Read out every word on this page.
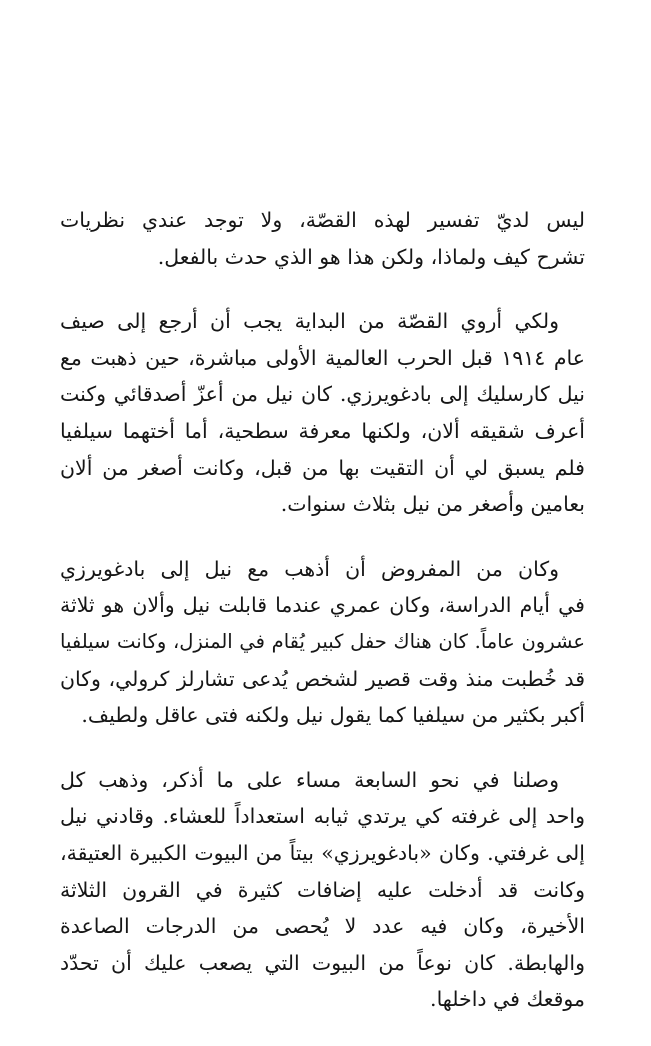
ليس لديّ تفسير لهذه القصّة، ولا توجد عندي نظريات
تشرح كيف ولماذا، ولكن هذا هو الذي حدث بالفعل.
ولكي أروي القصّة من البداية يجب أن أرجع إلى صيف
عام ١٩١٤ قبل الحرب العالمية الأولى مباشرة، حين ذهبت مع
نيل كارسليك إلى بادغويرزي. كان نيل من أعزّ أصدقائي وكنت
أعرف شقيقه ألان، ولكنها معرفة سطحية، أما أختهما سيلفيا
فلم يسبق لي أن التقيت بها من قبل، وكانت أصغر من ألان
بعامين وأصغر من نيل بثلاث سنوات.
وكان من المفروض أن أذهب مع نيل إلى بادغويرزي
في أيام الدراسة، وكان عمري عندما قابلت نيل وألان هو ثلاثة
عشرون عاماً. كان هناك حفل كبير يُقام في المنزل، وكانت سيلفيا
قد خُطبت منذ وقت قصير لشخص يُدعى تشارلز كرولي، وكان
أكبر بكثير من سيلفيا كما يقول نيل ولكنه فتى عاقل ولطيف.
وصلنا في نحو السابعة مساء على ما أذكر، وذهب كل
واحد إلى غرفته كي يرتدي ثيابه استعداداً للعشاء. وقادني نيل
إلى غرفتي. وكان «بادغويرزي» بيتاً من البيوت الكبيرة العتيقة،
وكانت قد أدخلت عليه إضافات كثيرة في القرون الثلاثة
الأخيرة، وكان فيه عدد لا يُحصى من الدرجات الصاعدة
والهابطة. كان نوعاً من البيوت التي يصعب عليك أن تحدّد
موقعك في داخلها.
